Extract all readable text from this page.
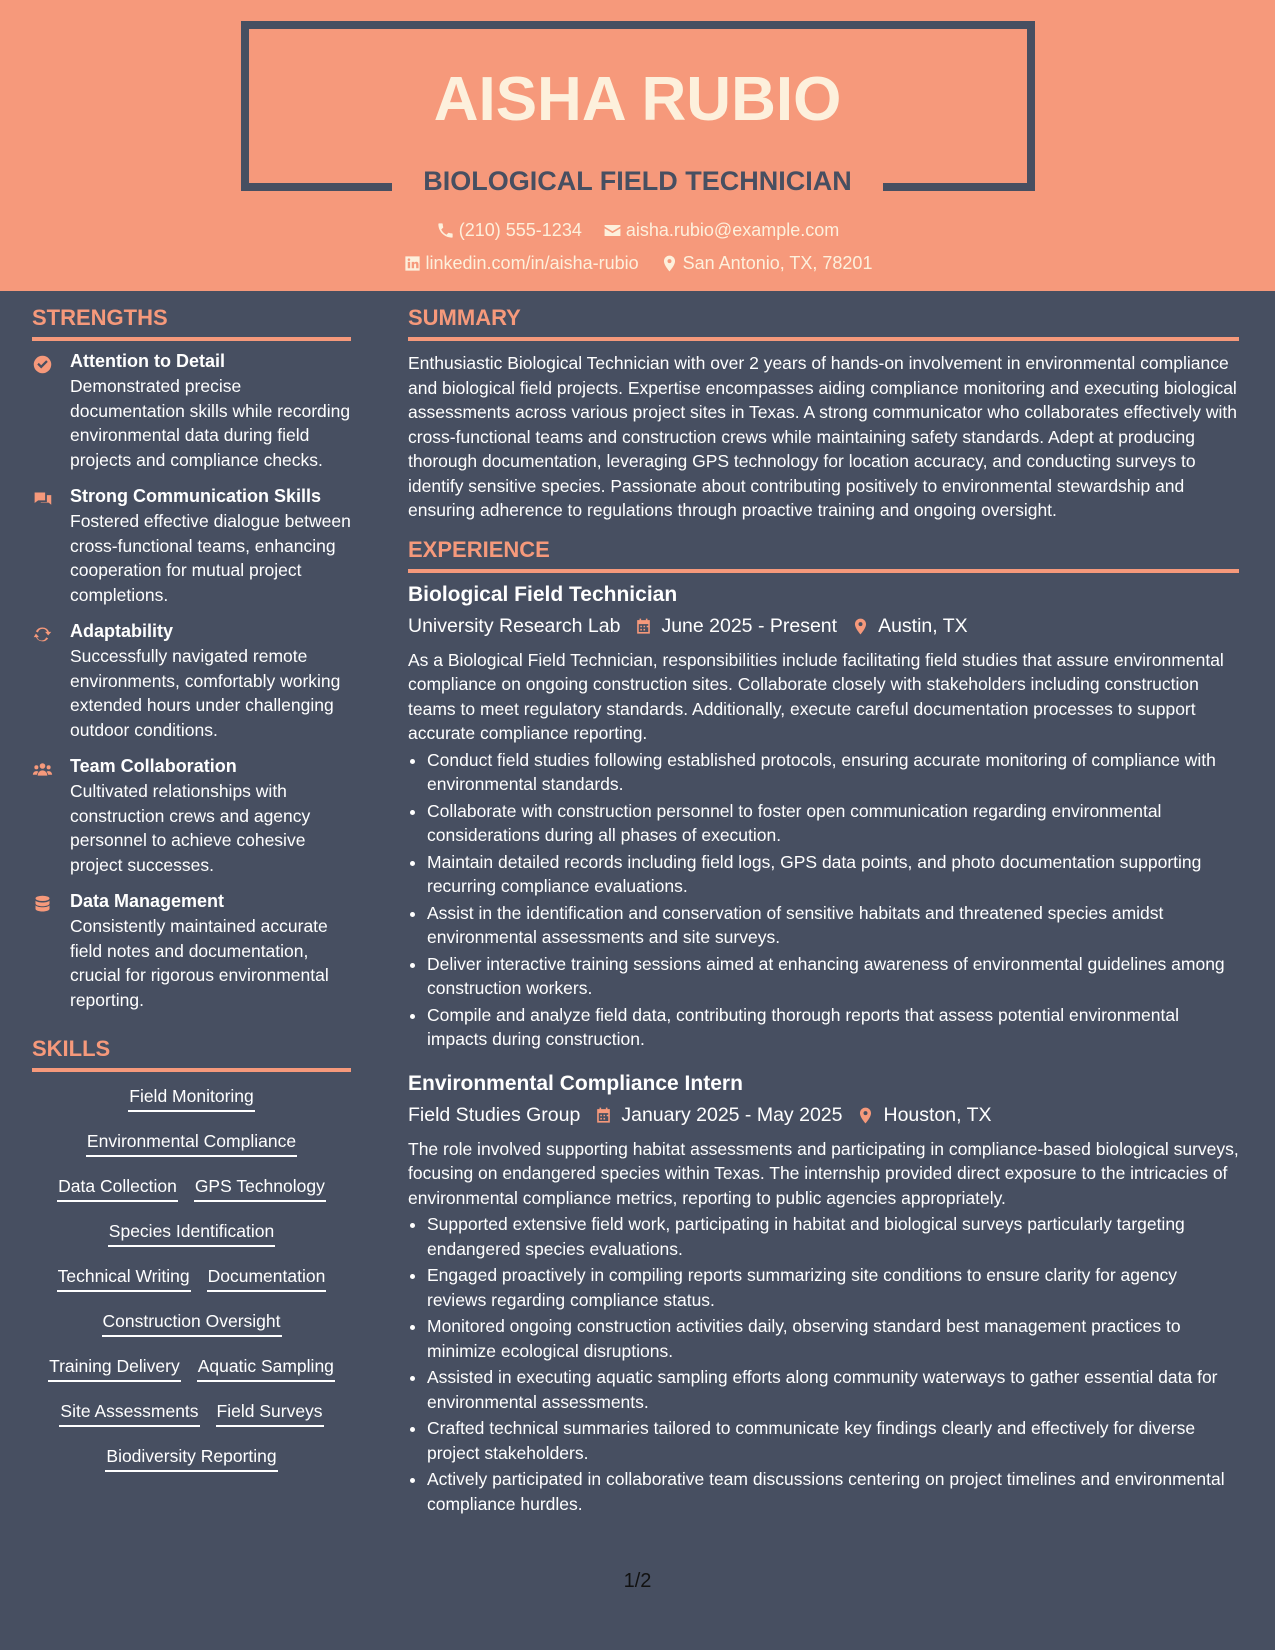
AISHA RUBIO
BIOLOGICAL FIELD TECHNICIAN
(210) 555-1234
aisha.rubio@example.com
linkedin.com/in/aisha-rubio
San Antonio, TX, 78201
STRENGTHS
Attention to Detail
Demonstrated precise documentation skills while recording environmental data during field projects and compliance checks.
Strong Communication Skills
Fostered effective dialogue between cross-functional teams, enhancing cooperation for mutual project completions.
Adaptability
Successfully navigated remote environments, comfortably working extended hours under challenging outdoor conditions.
Team Collaboration
Cultivated relationships with construction crews and agency personnel to achieve cohesive project successes.
Data Management
Consistently maintained accurate field notes and documentation, crucial for rigorous environmental reporting.
SKILLS
Field Monitoring
Environmental Compliance
Data Collection GPS Technology
Species Identification
Technical Writing Documentation
Construction Oversight
Training Delivery Aquatic Sampling
Site Assessments Field Surveys
Biodiversity Reporting
SUMMARY
Enthusiastic Biological Technician with over 2 years of hands-on involvement in environmental compliance and biological field projects. Expertise encompasses aiding compliance monitoring and executing biological assessments across various project sites in Texas. A strong communicator who collaborates effectively with cross-functional teams and construction crews while maintaining safety standards. Adept at producing thorough documentation, leveraging GPS technology for location accuracy, and conducting surveys to identify sensitive species. Passionate about contributing positively to environmental stewardship and ensuring adherence to regulations through proactive training and ongoing oversight.
EXPERIENCE
Biological Field Technician
University Research Lab June 2025 - Present Austin, TX
As a Biological Field Technician, responsibilities include facilitating field studies that assure environmental compliance on ongoing construction sites. Collaborate closely with stakeholders including construction teams to meet regulatory standards. Additionally, execute careful documentation processes to support accurate compliance reporting.
• Conduct field studies following established protocols, ensuring accurate monitoring of compliance with environmental standards.
• Collaborate with construction personnel to foster open communication regarding environmental considerations during all phases of execution.
• Maintain detailed records including field logs, GPS data points, and photo documentation supporting recurring compliance evaluations.
• Assist in the identification and conservation of sensitive habitats and threatened species amidst environmental assessments and site surveys.
• Deliver interactive training sessions aimed at enhancing awareness of environmental guidelines among construction workers.
• Compile and analyze field data, contributing thorough reports that assess potential environmental impacts during construction.
Environmental Compliance Intern
Field Studies Group January 2025 - May 2025 Houston, TX
The role involved supporting habitat assessments and participating in compliance-based biological surveys, focusing on endangered species within Texas. The internship provided direct exposure to the intricacies of environmental compliance metrics, reporting to public agencies appropriately.
• Supported extensive field work, participating in habitat and biological surveys particularly targeting endangered species evaluations.
• Engaged proactively in compiling reports summarizing site conditions to ensure clarity for agency reviews regarding compliance status.
• Monitored ongoing construction activities daily, observing standard best management practices to minimize ecological disruptions.
• Assisted in executing aquatic sampling efforts along community waterways to gather essential data for environmental assessments.
• Crafted technical summaries tailored to communicate key findings clearly and effectively for diverse project stakeholders.
• Actively participated in collaborative team discussions centering on project timelines and environmental compliance hurdles.
1/2
